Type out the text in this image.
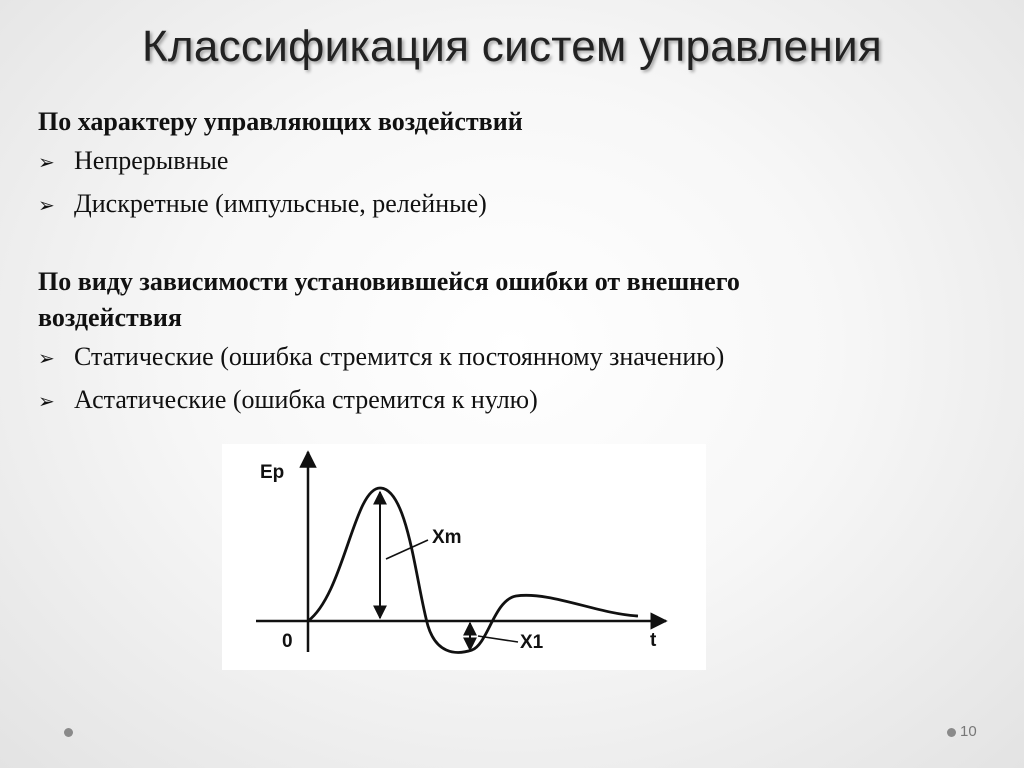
Классификация систем управления
По характеру управляющих воздействий
➢ Непрерывные
➢ Дискретные (импульсные, релейные)
По виду зависимости установившейся ошибки от внешнего
воздействия
➢ Статические (ошибка стремится к постоянному значению)
➢ Астатические (ошибка стремится к нулю)
Ep
t
0
Xm
X1
10
